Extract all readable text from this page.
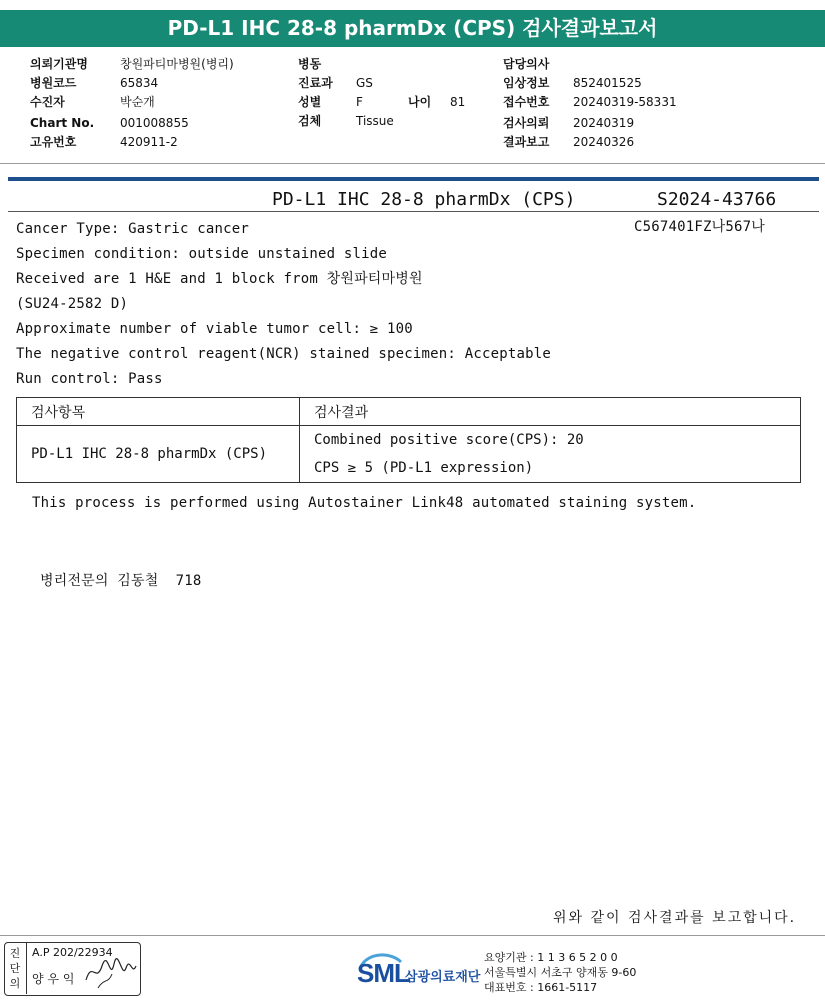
PD-L1 IHC 28-8 pharmDx (CPS) 검사결과보고서
의뢰기관명	창원파티마병원(병리)
병원코드	65834
수진자	박순개
Chart No. 001008855
고유번호	420911-2
병동
진료과 GS
성별	F	나이 81
검체	Tissue
담당의사
임상정보 852401525
접수번호 20240319-58331
검사의뢰 20240319
결과보고 20240326
PD-L1 IHC 28-8 pharmDx (CPS)	S2024-43766
C567401FZ나567나
Cancer Type: Gastric cancer
Specimen condition: outside unstained slide
Received are 1 H&E and 1 block from 창원파티마병원
(SU24-2582 D)
Approximate number of viable tumor cell: ≥ 100
The negative control reagent(NCR) stained specimen: Acceptable
Run control: Pass
검사항목	검사결과
PD-L1 IHC 28-8 pharmDx (CPS)	Combined positive score(CPS): 20
CPS ≥ 5 (PD-L1 expression)
This process is performed using Autostainer Link48 automated staining system.
병리전문의 김동철  718
위와 같이 검사결과를 보고합니다.
진단의
A.P 202/22934
양 우 익	SML
삼광의료재단
요양기관 : 1 1 3 6 5 2 0 0
서울특별시 서초구 양재동 9-60
대표번호 : 1661-5117
